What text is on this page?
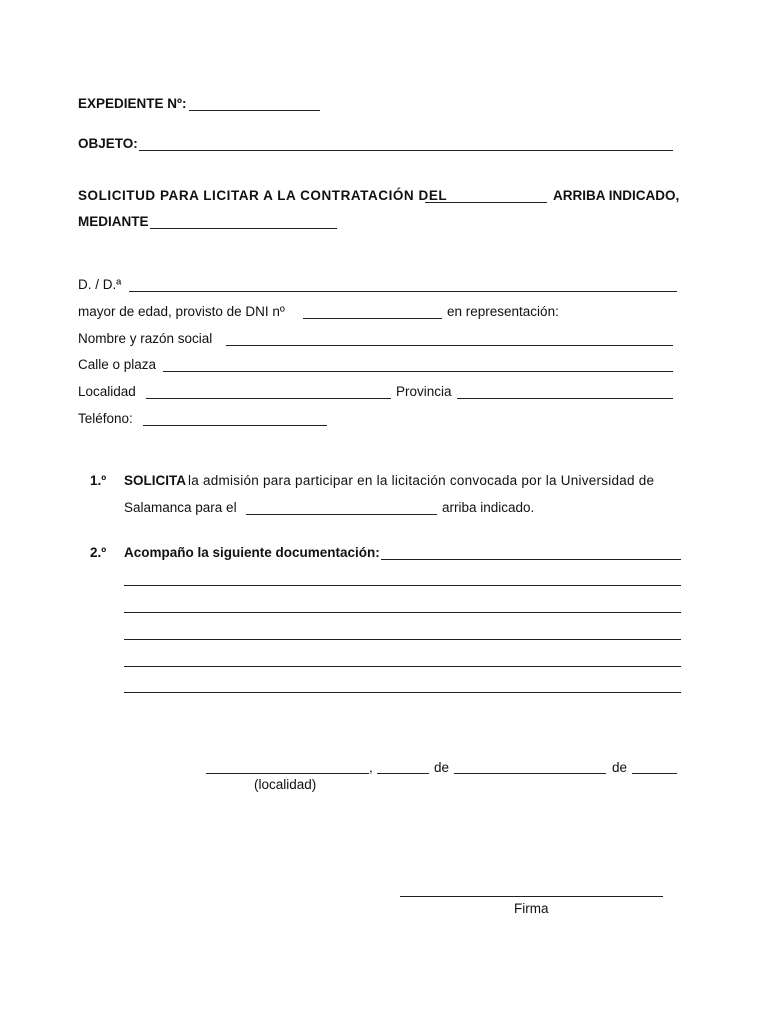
EXPEDIENTE Nº:
OBJETO:
SOLICITUD PARA LICITAR A LA CONTRATACIÓN DEL	ARRIBA INDICADO,
MEDIANTE
D. / D.ª
mayor de edad, provisto de DNI nº	en representación:
Nombre y razón social
Calle o plaza
Localidad	Provincia
Teléfono:
1.º SOLICITA la admisión para participar en la licitación convocada por la Universidad de
Salamanca para el	arriba indicado.
2.º Acompaño la siguiente documentación:
,	de	de
(localidad)
Firma
